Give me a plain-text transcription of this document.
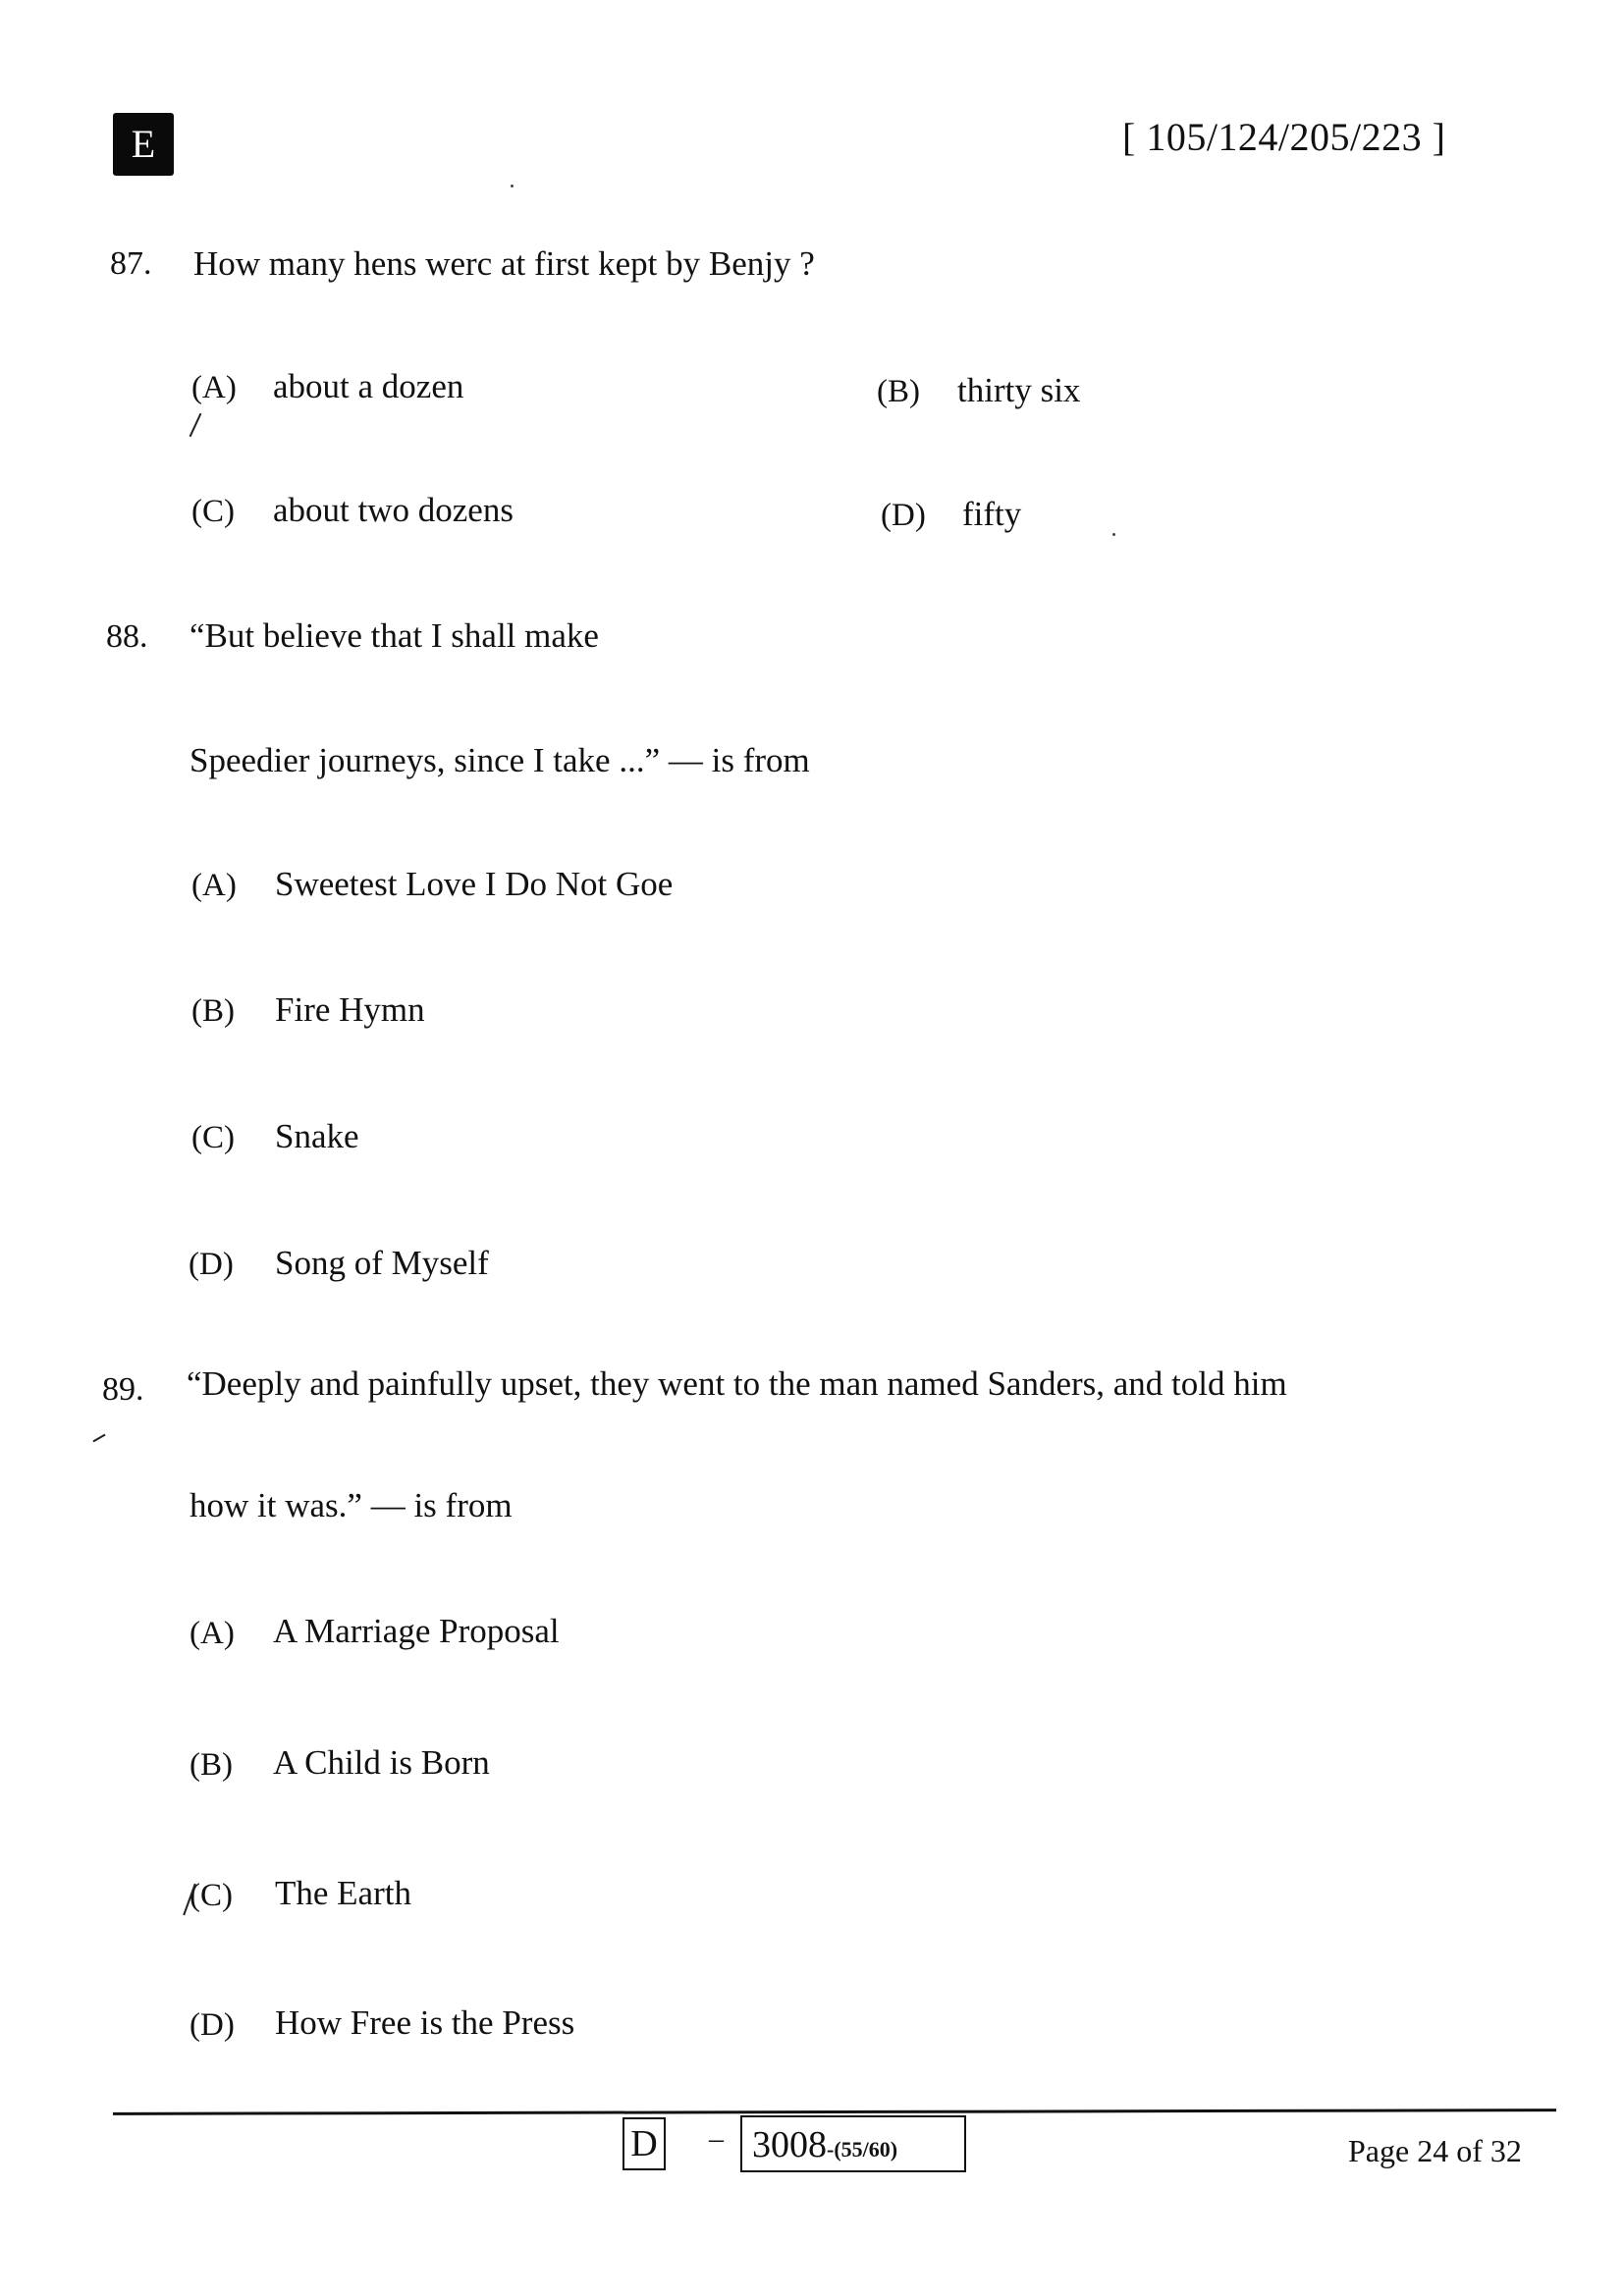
E	[ 105/124/205/223 ]
87. How many hens werc at first kept by Benjy ?
(A) about a dozen	(B) thirty six
(C) about two dozens	(D) fifty
88. “But believe that I shall make
Speedier journeys, since I take ...” — is from
(A) Sweetest Love I Do Not Goe
(B) Fire Hymn
(C) Snake
(D) Song of Myself
89. “Deeply and painfully upset, they went to the man named Sanders, and told him
how it was.” — is from
(A) A Marriage Proposal
(B) A Child is Born
(C) The Earth
(D) How Free is the Press
D – 3008-(55/60)	Page 24 of 32
